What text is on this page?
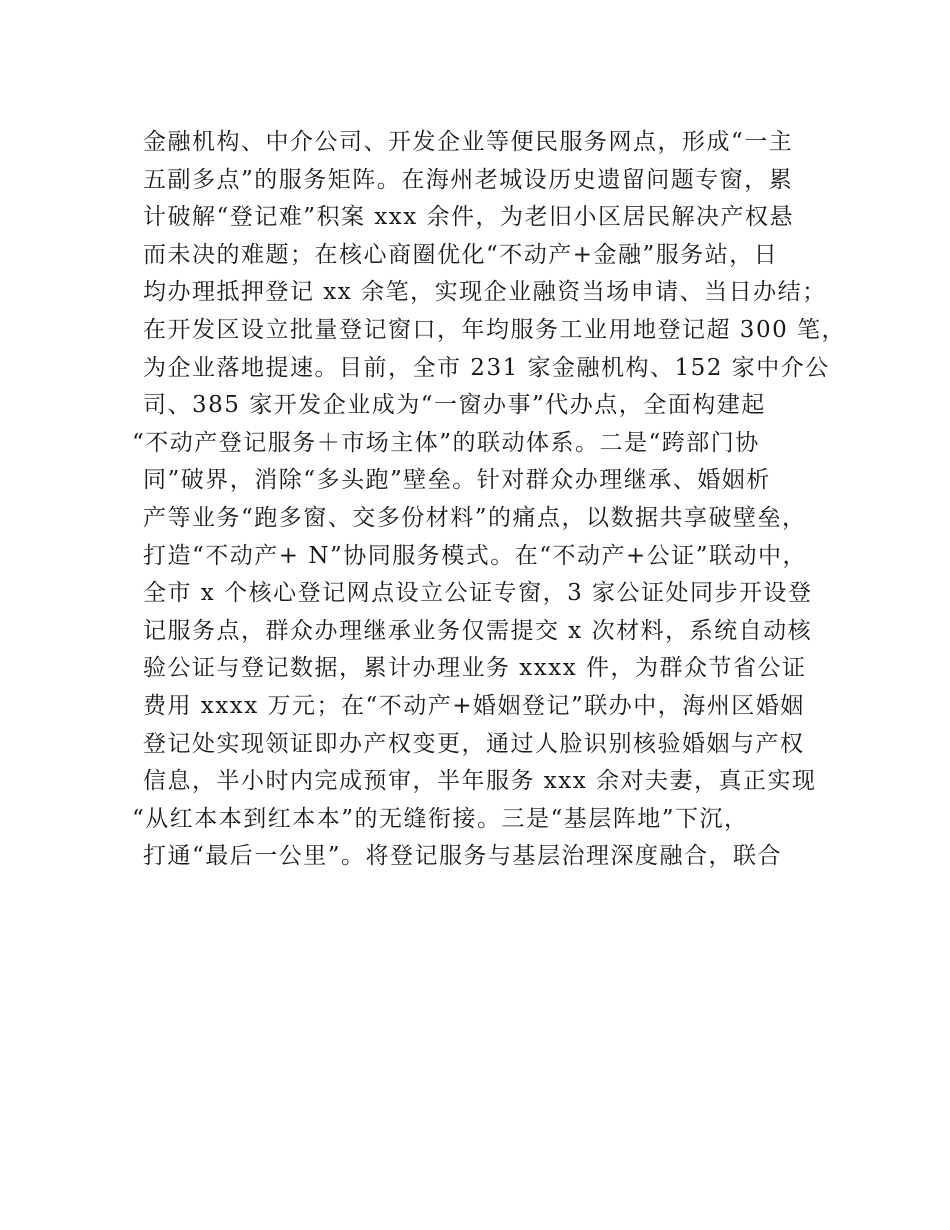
金融机构、中介公司、开发企业等便民服务网点，形成“一主
五副多点”的服务矩阵。在海州老城设历史遗留问题专窗，累
计破解“登记难”积案 xxx 余件，为老旧小区居民解决产权悬
而未决的难题；在核心商圈优化“不动产+金融”服务站，日
均办理抵押登记 xx 余笔，实现企业融资当场申请、当日办结；
在开发区设立批量登记窗口，年均服务工业用地登记超 300 笔，
为企业落地提速。目前，全市 231 家金融机构、152 家中介公
司、385 家开发企业成为“一窗办事”代办点，全面构建起
“不动产登记服务＋市场主体”的联动体系。二是“跨部门协
同”破界，消除“多头跑”壁垒。针对群众办理继承、婚姻析
产等业务“跑多窗、交多份材料”的痛点，以数据共享破壁垒，
打造“不动产+ N”协同服务模式。在“不动产+公证”联动中，
全市 x 个核心登记网点设立公证专窗，3 家公证处同步开设登
记服务点，群众办理继承业务仅需提交 x 次材料，系统自动核
验公证与登记数据，累计办理业务 xxxx 件，为群众节省公证
费用 xxxx 万元；在“不动产+婚姻登记”联办中，海州区婚姻
登记处实现领证即办产权变更，通过人脸识别核验婚姻与产权
信息，半小时内完成预审，半年服务 xxx 余对夫妻，真正实现
“从红本本到红本本”的无缝衔接。三是“基层阵地”下沉，
打通“最后一公里”。将登记服务与基层治理深度融合，联合
